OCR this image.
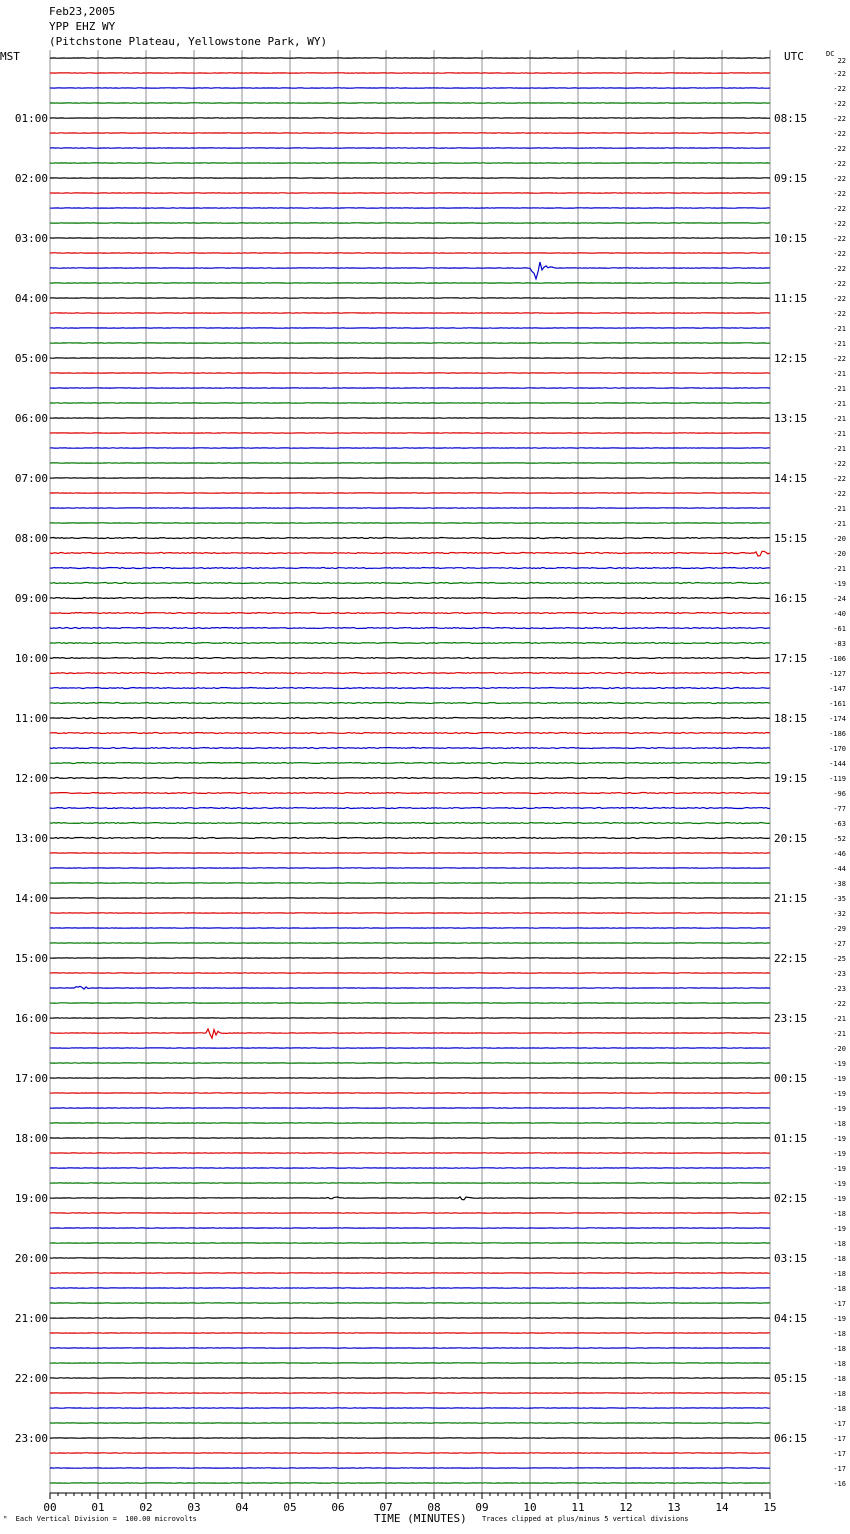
Feb23,2005
YPP EHZ WY
(Pitchstone Plateau, Yellowstone Park, WY)
MST	UTC
01:00
02:00
03:00
04:00
05:00
06:00
07:00
08:00
09:00
10:00
11:00
12:00
13:00
14:00
15:00
16:00
17:00
18:00
19:00
20:00
21:00
22:00
23:00
08:15
09:15
10:15
11:15
12:15
13:15
14:15
15:15
16:15
17:15
18:15
19:15
20:15
21:15
22:15
23:15
00:15
01:15
02:15
03:15
04:15
05:15
06:15
DC
22
-22
-22
-22
-22
-22
-22
-22
-22
-22
-22
-22
-22
-22
-22
-22
-22
-22
-21
-21
-22
-21
-21
-21
-21
-21
-21
-22
-22
-22
-21
-21
-20
-20
-21
-19
-24
-40
-61
-83
-106
-127
-147
-161
-174
-186
-170
-144
-119
-96
-77
-63
-52
-46
-44
-38
-35
-32
-29
-27
-25
-23
-23
-22
-21
-21
-20
-19
-19
-19
-19
-18
-19
-19
-19
-19
-19
-18
-19
-18
-18
-18
-18
-17
-19
-18
-18
-18
-18
-18
-18
-17
-17
-17
-17
-16
00	01	02	03	04	05	06	07	08	09	10	11	12	13	14	15
ᴹ  Each Vertical Division =  100.00 microvolts	TIME (MINUTES) Traces clipped at plus/minus 5 vertical divisions
